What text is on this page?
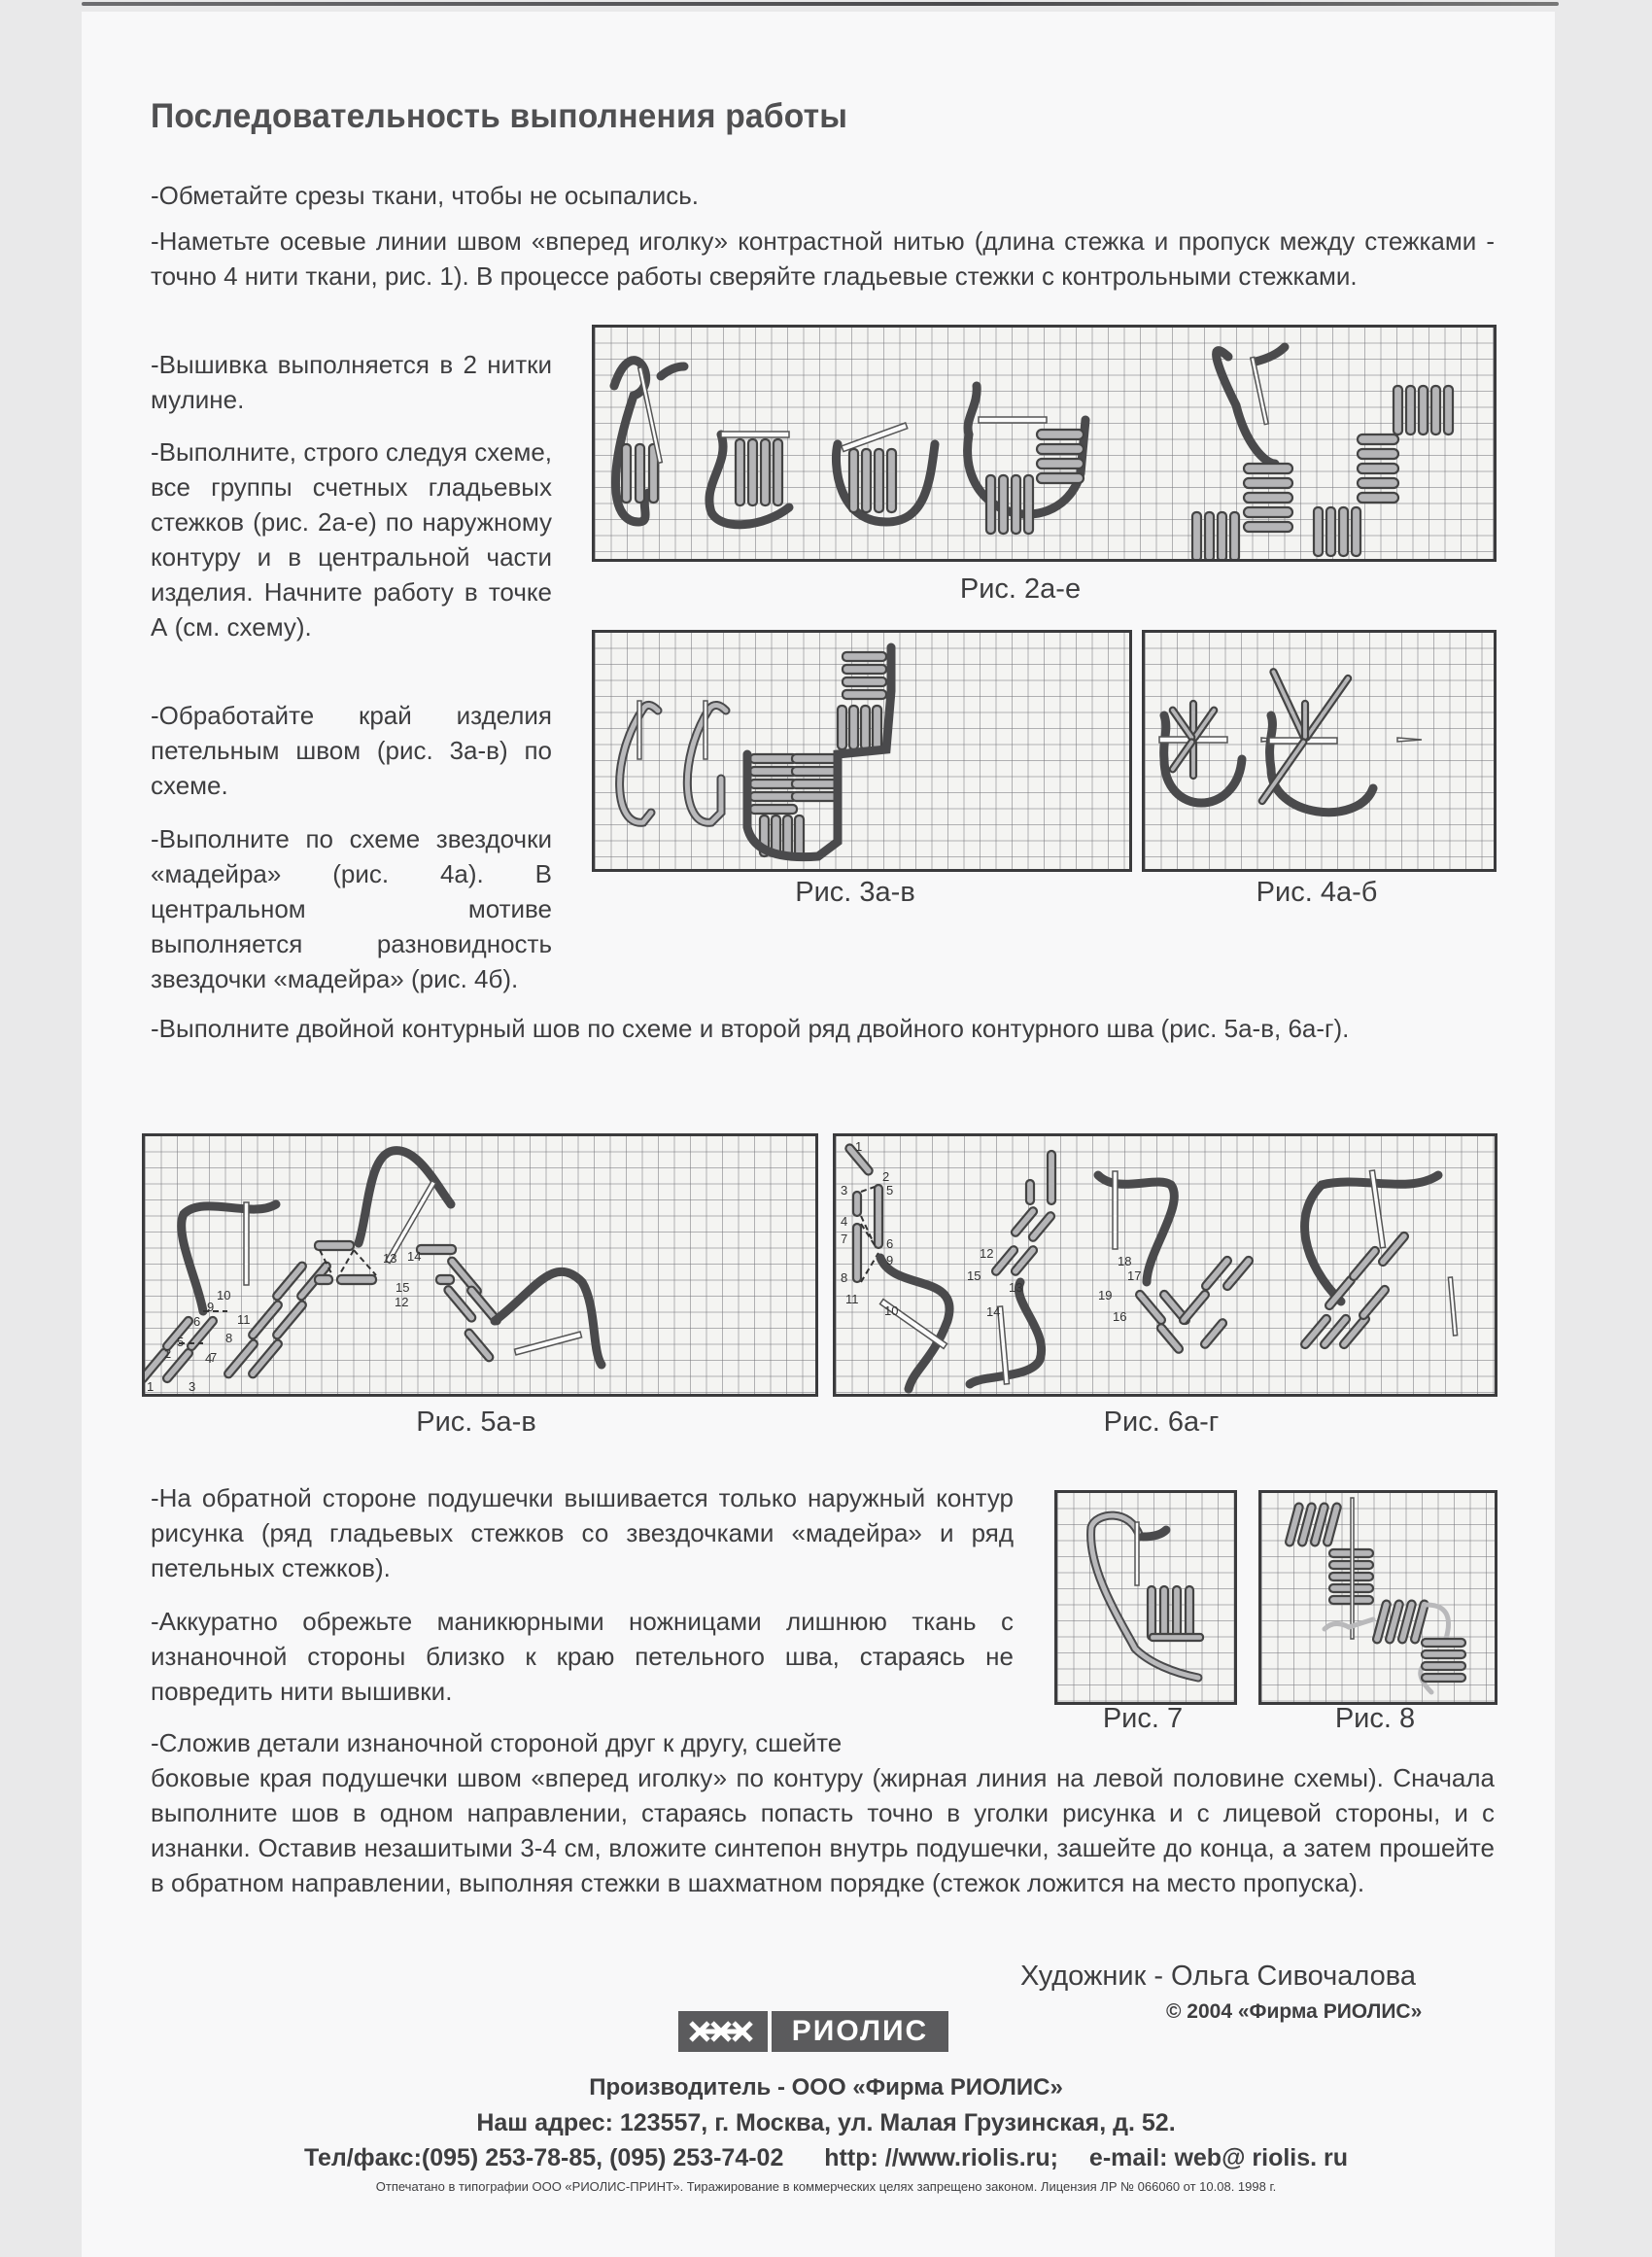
Последовательность выполнения работы

-Обметайте срезы ткани, чтобы не осыпались.

-Наметьте осевые линии швом «вперед иголку» контрастной нитью (длина стежка и пропуск между стежками - точно 4 нити ткани, рис. 1). В процессе работы сверяйте гладьевые стежки с контрольными стежками.

-Вышивка выполняется в 2 нитки мулине.

-Выполните, строго следуя схеме, все группы счетных гладьевых стежков (рис. 2а-е) по наружному контуру и в центральной части изделия. Начните работу в точке А (см. схему).

-Обработайте край изделия петельным швом (рис. 3а-в) по схеме.

-Выполните по схеме звездочки «мадейра» (рис. 4а). В центральном мотиве выполняется разновидность звездочки «мадейра» (рис. 4б).

-Выполните двойной контурный шов по схеме и второй ряд двойного контурного шва (рис. 5а-в, 6а-г).

Рис. 2а-е
Рис. 3а-в	Рис. 4а-б
1
2
3
4
5
6
7
8
9
10
11
12
13 14
15
Рис. 5а-в
1
2
3
4
5
6
7
8
9
10
11
12
13
14
15
16
17
18
19
Рис. 6а-г

-На обратной стороне подушечки вышивается только наружный контур рисунка (ряд гладьевых стежков со звездочками «мадейра» и ряд петельных стежков).

-Аккуратно обрежьте маникюрными ножницами лишнюю ткань с изнаночной стороны близко к краю петельного шва, стараясь не повредить нити вышивки.

-Сложив детали изнаночной стороной друг к другу, сшейте

боковые края подушечки швом «вперед иголку» по контуру (жирная линия на левой половине схемы). Сначала выполните шов в одном направлении, стараясь попасть точно в уголки рисунка и с лицевой стороны, и с изнанки. Оставив незашитыми 3-4 см, вложите синтепон внутрь подушечки, зашейте до конца, а затем прошейте в обратном направлении, выполняя стежки в шахматном порядке (стежок ложится на место пропуска).

Рис. 7	Рис. 8
Художник - Ольга Сивочалова
© 2004 «Фирма РИОЛИС»
РИОЛИС
Производитель - ООО «Фирма РИОЛИС»
Наш адрес: 123557, г. Москва, ул. Малая Грузинская, д. 52.
Тел/факс:(095) 253-78-85, (095) 253-74-02 http: //www.riolis.ru; e-mail: web@ riolis. ru
Отпечатано в типографии ООО «РИОЛИС-ПРИНТ». Тиражирование в коммерческих целях запрещено законом. Лицензия ЛР № 066060 от 10.08. 1998 г.
